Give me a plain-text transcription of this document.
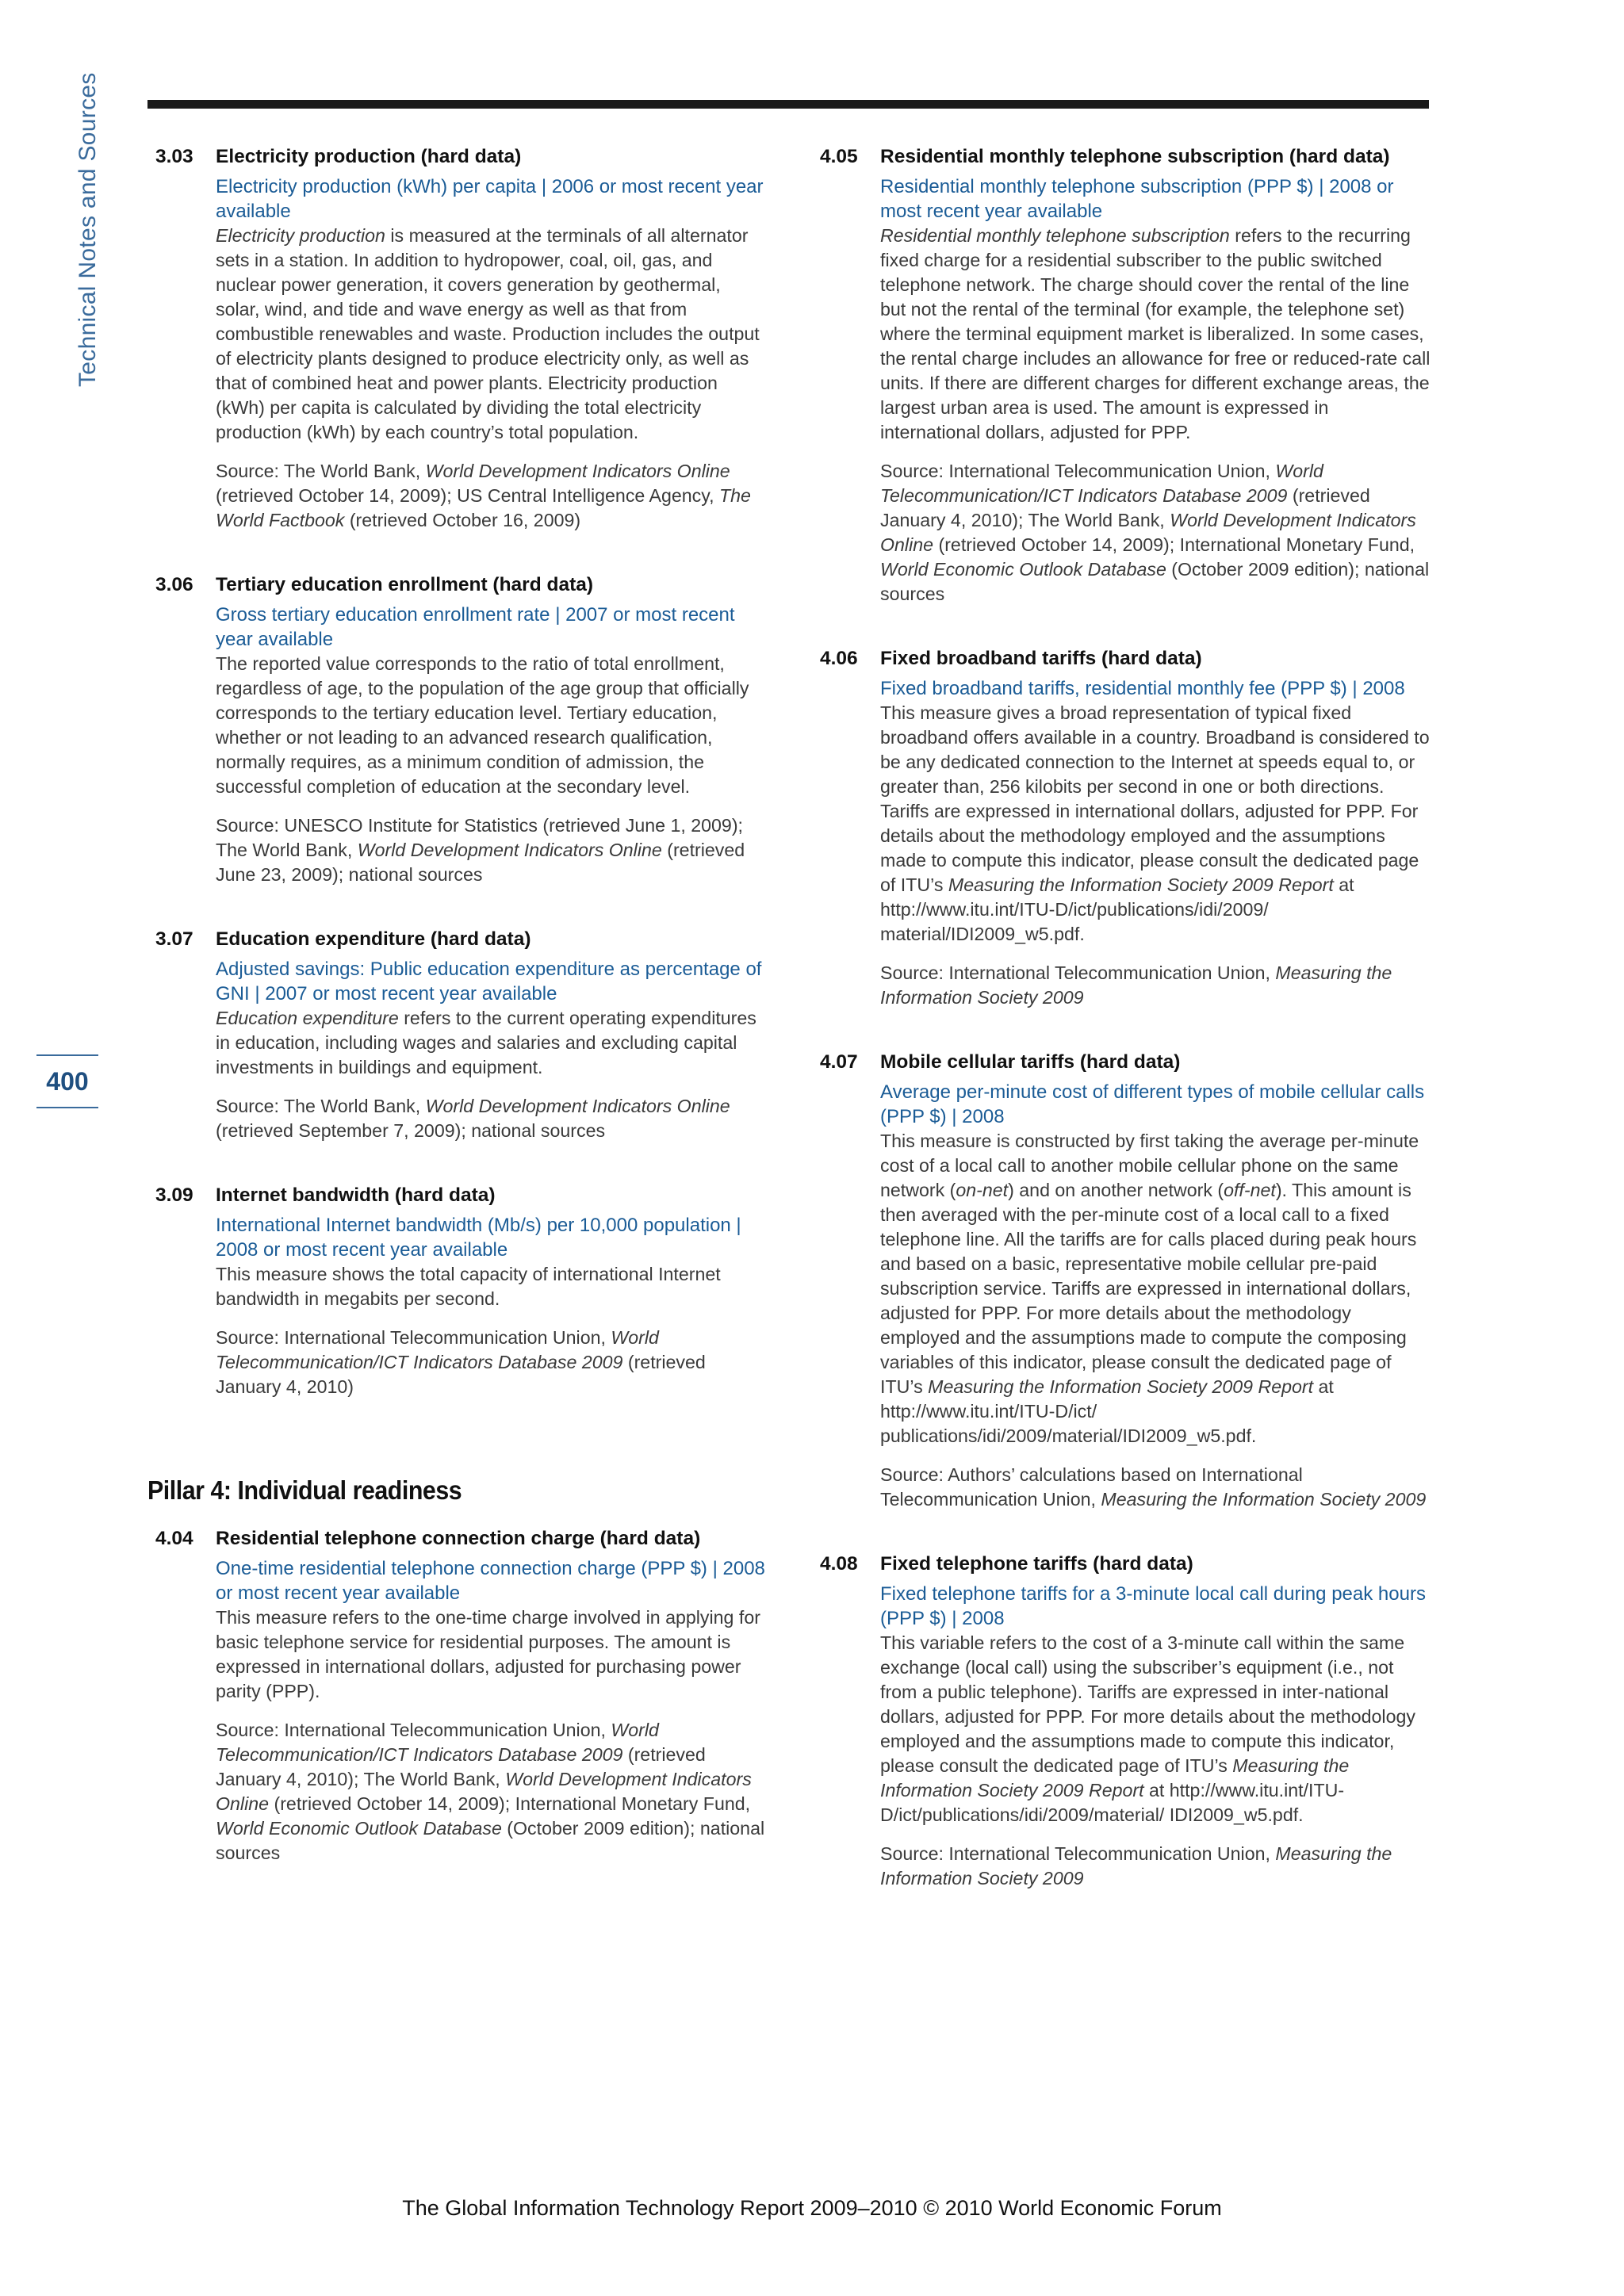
Technical Notes and Sources
400
3.03	Electricity production (hard data)
Electricity production (kWh) per capita | 2006 or most recent year available
Electricity production is measured at the terminals of all alternator sets in a station. In addition to hydropower, coal, oil, gas, and nuclear power generation, it covers generation by geothermal, solar, wind, and tide and wave energy as well as that from combustible renewables and waste. Production includes the output of electricity plants designed to produce electricity only, as well as that of combined heat and power plants. Electricity production (kWh) per capita is calculated by dividing the total electricity production (kWh) by each country’s total population.
Source: The World Bank, World Development Indicators Online (retrieved October 14, 2009); US Central Intelligence Agency, The World Factbook (retrieved October 16, 2009)
3.06	Tertiary education enrollment (hard data)
Gross tertiary education enrollment rate | 2007 or most recent year available
The reported value corresponds to the ratio of total enrollment, regardless of age, to the population of the age group that officially corresponds to the tertiary education level. Tertiary education, whether or not leading to an advanced research qualification, normally requires, as a minimum condition of admission, the successful completion of education at the secondary level.
Source: UNESCO Institute for Statistics (retrieved June 1, 2009); The World Bank, World Development Indicators Online (retrieved June 23, 2009); national sources
3.07	Education expenditure (hard data)
Adjusted savings: Public education expenditure as percentage of GNI | 2007 or most recent year available
Education expenditure refers to the current operating expenditures in education, including wages and salaries and excluding capital investments in buildings and equipment.
Source: The World Bank, World Development Indicators Online (retrieved September 7, 2009); national sources
3.09	Internet bandwidth (hard data)
International Internet bandwidth (Mb/s) per 10,000 population | 2008 or most recent year available
This measure shows the total capacity of international Internet bandwidth in megabits per second.
Source: International Telecommunication Union, World Telecommunication/ICT Indicators Database 2009 (retrieved January 4, 2010)
Pillar 4: Individual readiness
4.04	Residential telephone connection charge (hard data)
One-time residential telephone connection charge (PPP $) | 2008 or most recent year available
This measure refers to the one-time charge involved in applying for basic telephone service for residential purposes. The amount is expressed in international dollars, adjusted for purchasing power parity (PPP).
Source: International Telecommunication Union, World Telecommunication/ICT Indicators Database 2009 (retrieved January 4, 2010); The World Bank, World Development Indicators Online (retrieved October 14, 2009); International Monetary Fund, World Economic Outlook Database (October 2009 edition); national sources
4.05	Residential monthly telephone subscription (hard data)
Residential monthly telephone subscription (PPP $) | 2008 or most recent year available
Residential monthly telephone subscription refers to the recurring fixed charge for a residential subscriber to the public switched telephone network. The charge should cover the rental of the line but not the rental of the terminal (for example, the telephone set) where the terminal equipment market is liberalized. In some cases, the rental charge includes an allowance for free or reduced-rate call units. If there are different charges for different exchange areas, the largest urban area is used. The amount is expressed in international dollars, adjusted for PPP.
Source: International Telecommunication Union, World Telecommunication/ICT Indicators Database 2009 (retrieved January 4, 2010); The World Bank, World Development Indicators Online (retrieved October 14, 2009); International Monetary Fund, World Economic Outlook Database (October 2009 edition); national sources
4.06	Fixed broadband tariffs (hard data)
Fixed broadband tariffs, residential monthly fee (PPP $) | 2008
This measure gives a broad representation of typical fixed broadband offers available in a country. Broadband is considered to be any dedicated connection to the Internet at speeds equal to, or greater than, 256 kilobits per second in one or both directions. Tariffs are expressed in international dollars, adjusted for PPP. For details about the methodology employed and the assumptions made to compute this indicator, please consult the dedicated page of ITU’s Measuring the Information Society 2009 Report at http://www.itu.int/ITU-D/ict/publications/idi/2009/ material/IDI2009_w5.pdf.
Source: International Telecommunication Union, Measuring the Information Society 2009
4.07	Mobile cellular tariffs (hard data)
Average per-minute cost of different types of mobile cellular calls (PPP $) | 2008
This measure is constructed by first taking the average per-minute cost of a local call to another mobile cellular phone on the same network (on-net) and on another network (off-net). This amount is then averaged with the per-minute cost of a local call to a fixed telephone line. All the tariffs are for calls placed during peak hours and based on a basic, representative mobile cellular pre-paid subscription service. Tariffs are expressed in international dollars, adjusted for PPP. For more details about the methodology employed and the assumptions made to compute the composing variables of this indicator, please consult the dedicated page of ITU’s Measuring the Information Society 2009 Report at http://www.itu.int/ITU-D/ict/ publications/idi/2009/material/IDI2009_w5.pdf.
Source: Authors’ calculations based on International Telecommunication Union, Measuring the Information Society 2009
4.08	Fixed telephone tariffs (hard data)
Fixed telephone tariffs for a 3-minute local call during peak hours (PPP $) | 2008
This variable refers to the cost of a 3-minute call within the same exchange (local call) using the subscriber’s equipment (i.e., not from a public telephone). Tariffs are expressed in inter-national dollars, adjusted for PPP. For more details about the methodology employed and the assumptions made to compute this indicator, please consult the dedicated page of ITU’s Measuring the Information Society 2009 Report at http://www.itu.int/ITU-D/ict/publications/idi/2009/material/ IDI2009_w5.pdf.
Source: International Telecommunication Union, Measuring the Information Society 2009
The Global Information Technology Report 2009–2010 © 2010 World Economic Forum
